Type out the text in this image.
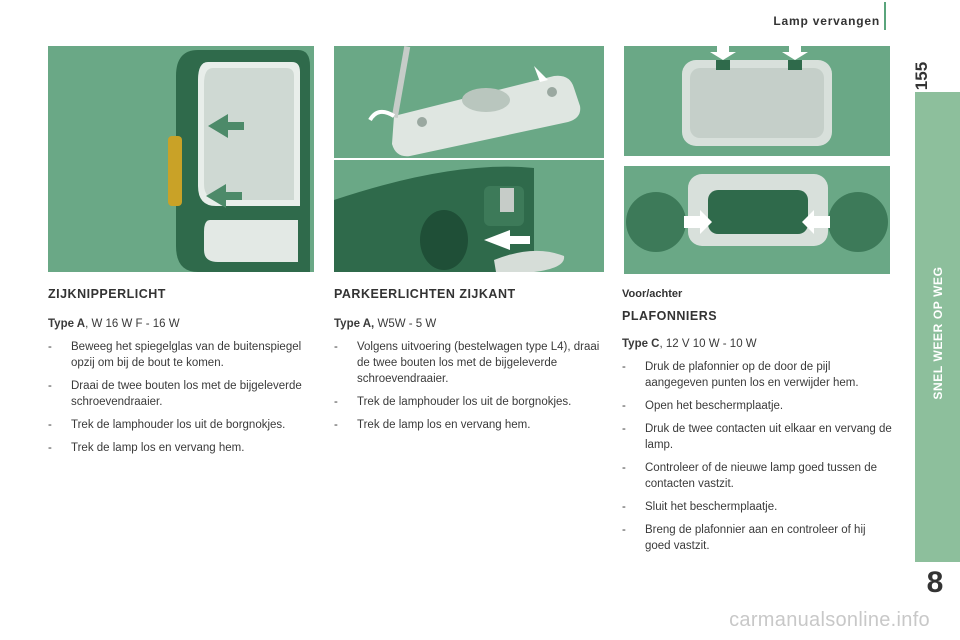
Lamp vervangen
155
SNEL WEER OP WEG
8
ZIJKNIPPERLICHT
Type A, W 16 W F - 16 W
- Beweeg het spiegelglas van de buitenspiegel opzij om bij de bout te komen.
- Draai de twee bouten los met de bijgeleverde schroevendraaier.
- Trek de lamphouder los uit de borgnokjes.
- Trek de lamp los en vervang hem.
PARKEERLICHTEN ZIJKANT
Type A, W5W - 5 W
- Volgens uitvoering (bestelwagen type L4), draai de twee bouten los met de bijgeleverde schroevendraaier.
- Trek de lamphouder los uit de borgnokjes.
- Trek de lamp los en vervang hem.
Voor/achter
PLAFONNIERS
Type C, 12 V 10 W - 10 W
- Druk de plafonnier op de door de pijl aangegeven punten los en verwijder hem.
- Open het beschermplaatje.
- Druk de twee contacten uit elkaar en vervang de lamp.
- Controleer of de nieuwe lamp goed tussen de contacten vastzit.
- Sluit het beschermplaatje.
- Breng de plafonnier aan en controleer of hij goed vastzit.
carmanualsonline.info
